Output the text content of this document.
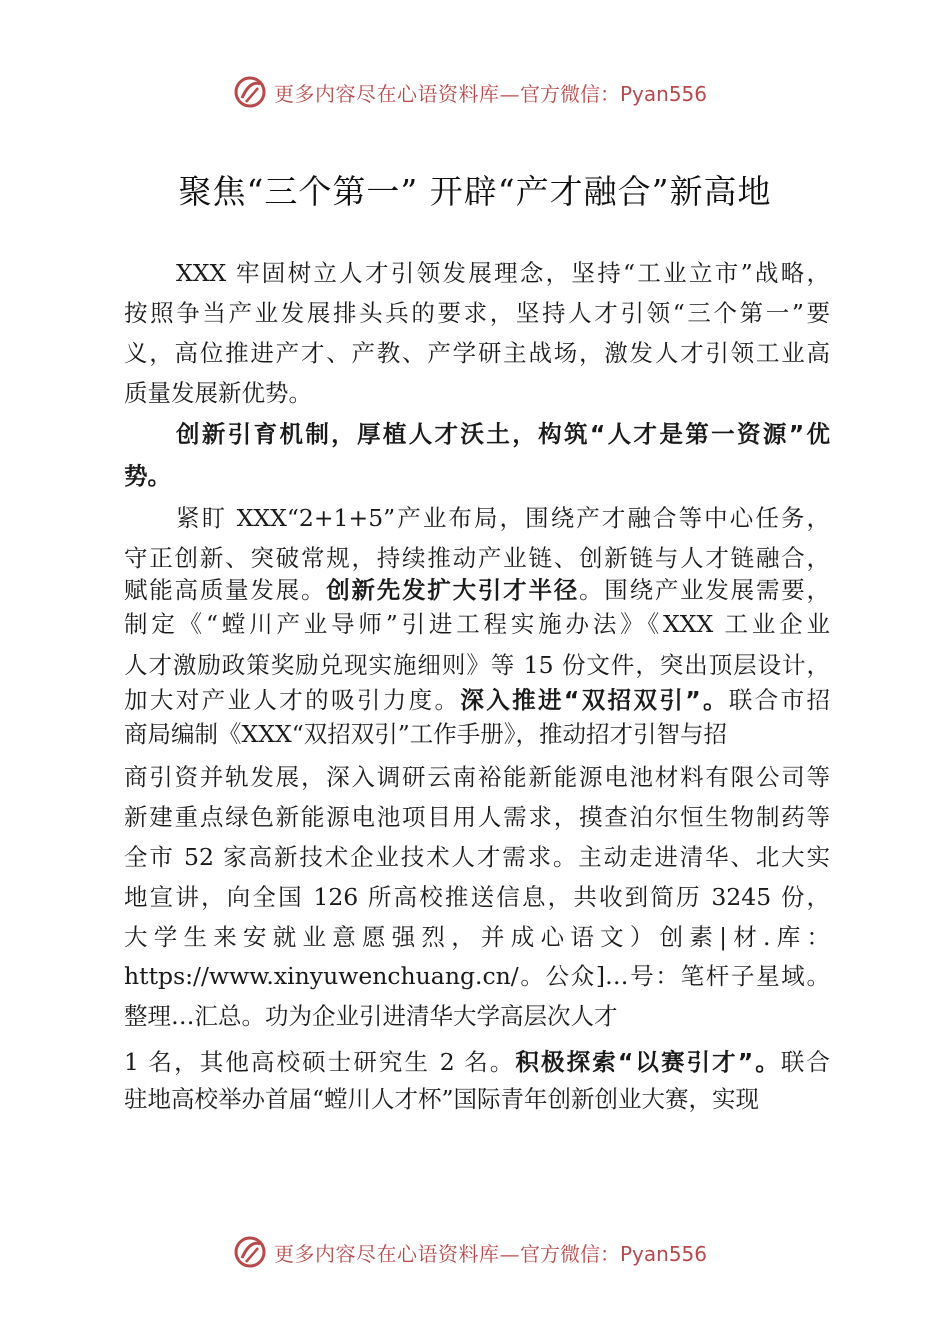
更多内容尽在心语资料库— 官方微信：Pyan556
聚焦“三个第一” 开辟“产才融合”新高地
XXX 牢固树立人才引领发展理念，坚持“工业立市”战略，
按照争当产业发展排头兵的要求，坚持人才引领“三个第一”要
义，高位推进产才、产教、产学研主战场，激发人才引领工业高
质量发展新优势。
创新引育机制，厚植人才沃土，构筑“人才是第一资源”优
势。
紧盯 XXX“2+1+5”产业布局，围绕产才融合等中心任务，
守正创新、突破常规，持续推动产业链、创新链与人才链融合，
赋能高质量发展。创新先发扩大引才半径。围绕产业发展需要，
制定《“螳川产业导师”引进工程实施办法》《XXX 工业企业
人才激励政策奖励兑现实施细则》等 15 份文件，突出顶层设计，
加大对产业人才的吸引力度。深入推进“双招双引”。联合市招
商局编制《XXX“双招双引”工作手册》，推动招才引智与招
商引资并轨发展，深入调研云南裕能新能源电池材料有限公司等
新建重点绿色新能源电池项目用人需求，摸查泊尔恒生物制药等
全市 52 家高新技术企业技术人才需求。主动走进清华、北大实
地宣讲，向全国 126 所高校推送信息，共收到简历 3245 份，
大学生来安就业意愿强烈，并成心语文）创素|材.库：
https://www.xinyuwenchuang.cn/。公众]…号：笔杆子星域。
整理…汇总。功为企业引进清华大学高层次人才
1 名，其他高校硕士研究生 2 名。积极探索“以赛引才”。联合
驻地高校举办首届“螳川人才杯”国际青年创新创业大赛，实现
更多内容尽在心语资料库— 官方微信：Pyan556
